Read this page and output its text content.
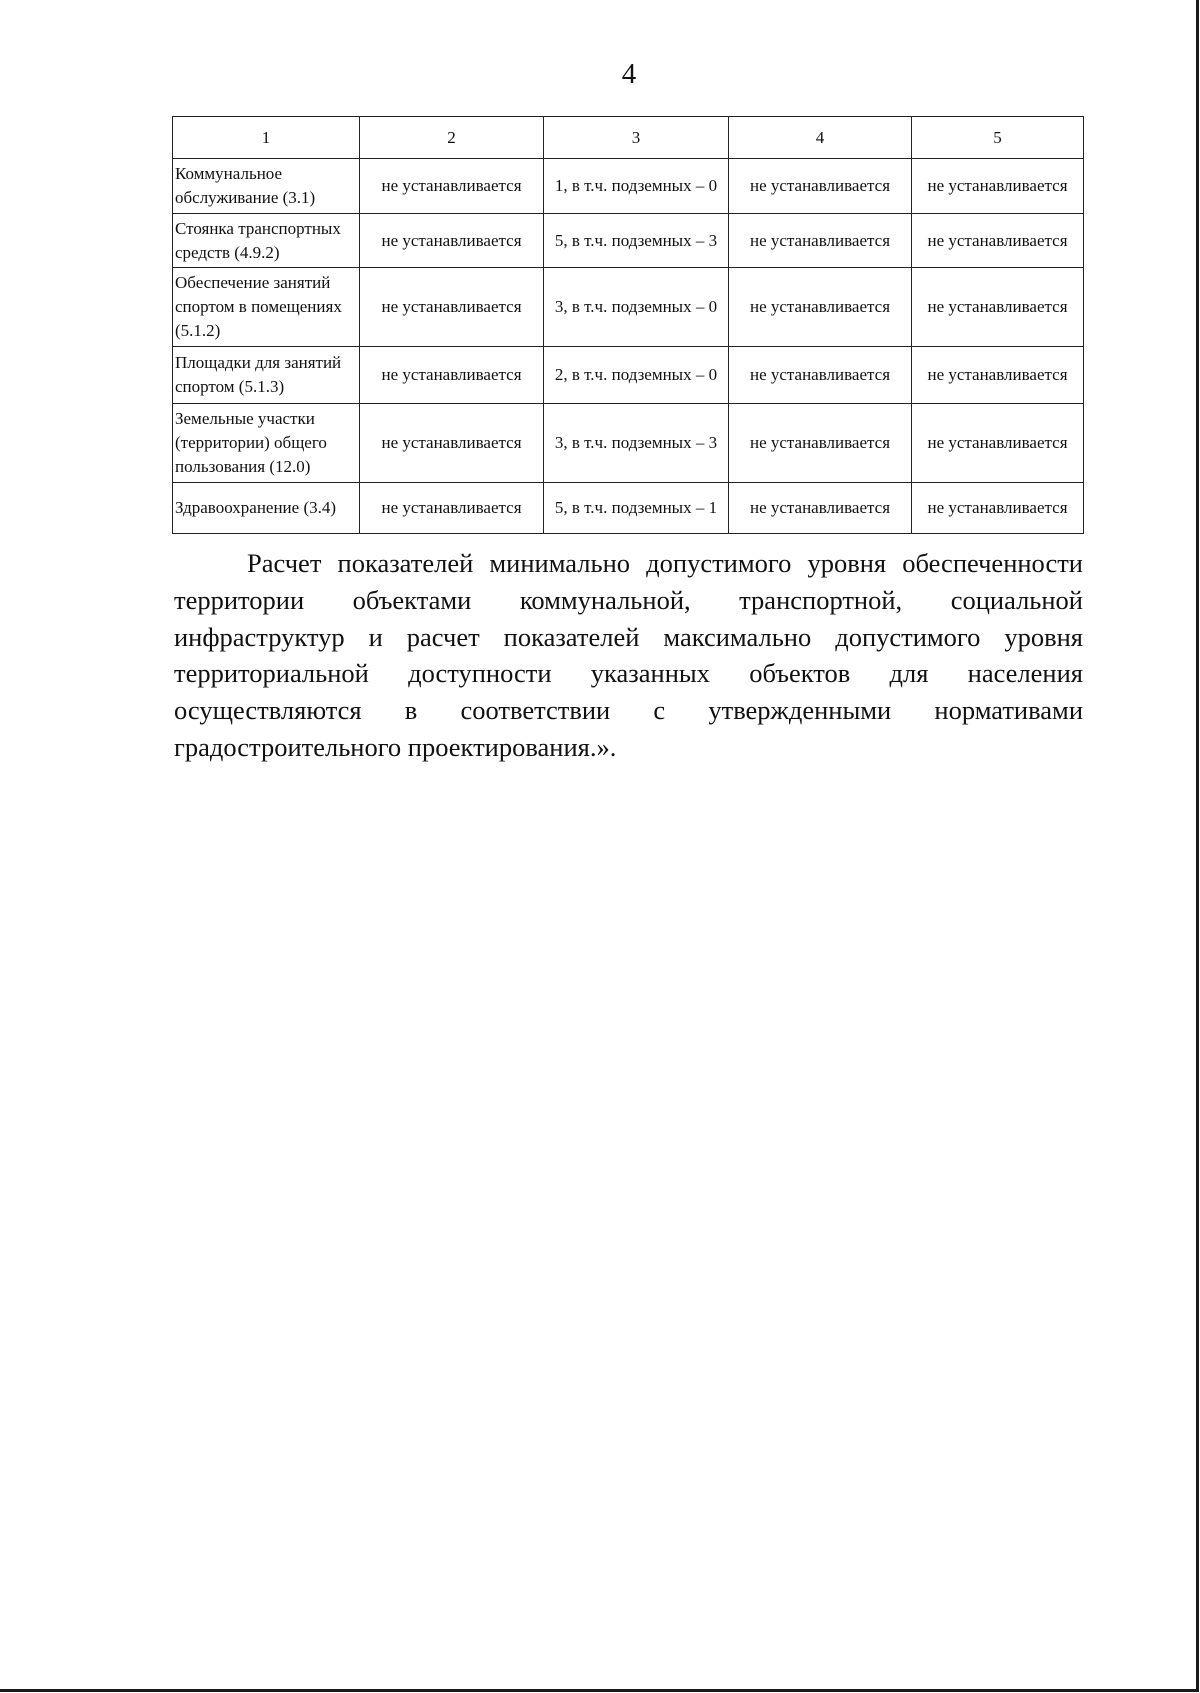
4
1	2	3	4	5
Коммунальное обслуживание (3.1)	не устанавливается	1, в т.ч. подземных – 0	не устанавливается	не устанавливается
Стоянка транспортных средств (4.9.2)	не устанавливается	5, в т.ч. подземных – 3	не устанавливается	не устанавливается
Обеспечение занятий спортом в помещениях (5.1.2)	не устанавливается	3, в т.ч. подземных – 0	не устанавливается	не устанавливается
Площадки для занятий спортом (5.1.3)	не устанавливается	2, в т.ч. подземных – 0	не устанавливается	не устанавливается
Земельные участки (территории) общего пользования (12.0)	не устанавливается	3, в т.ч. подземных – 3	не устанавливается	не устанавливается
Здравоохранение (3.4)	не устанавливается	5, в т.ч. подземных – 1	не устанавливается	не устанавливается

Расчет показателей минимально допустимого уровня обеспеченности территории объектами коммунальной, транспортной, социальной инфраструктур и расчет показателей максимально допустимого уровня территориальной доступности указанных объектов для населения осуществляются в соответствии с утвержденными нормативами градостроительного проектирования.».
